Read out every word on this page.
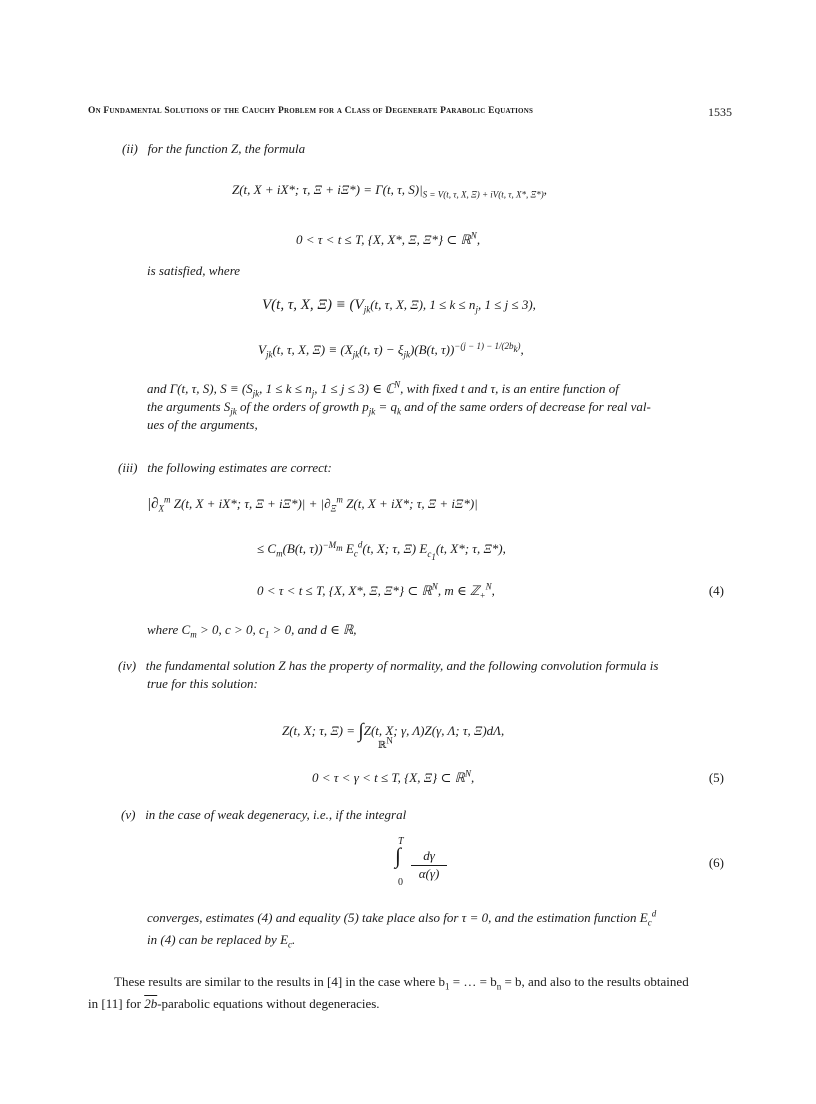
On Fundamental Solutions of the Cauchy Problem for a Class of Degenerate Parabolic Equations	1535
(ii) for the function Z, the formula
Z(t, X + iX*; τ, Ξ + iΞ*) = Γ(t, τ, $S)|_{S = V(t, \tau, X, \Xi) + iV(t, \tau, X*, \Xi*)}$,
0 < τ < t ≤ T, {X, X*, Ξ, Ξ*} ⊂ ℝ$^N$,
is satisfied, where
V(t, τ, X, $\Xi) \equiv (V_{jk}(t$, τ, X, Ξ), $1 \le k \le n_j$, 1 ≤ j ≤ 3),
$V_{jk}(t$, τ, X, $\Xi) \equiv (X_{jk}(t$, $\tau) - \xi_{jk})(B(t$, τ))$^{-(j - 1) - 1/(2b_k)}$,
and Γ(t, τ, S), $S \equiv (S_{jk}$, $1 \le k \le n_j$, 1 ≤ j ≤ 3) ∈ ℂ$^N$, with fixed t and τ, is an entire function of
the arguments $S_{jk}$ of the orders of growth $p_{jk} = q_k$ and of the same orders of decrease for real val-
ues of the arguments,
(iii) the following estimates are correct:
$|\partial_X^m$ Z(t, X + iX*; τ, $\Xi + i\Xi*)| + |\partial_\Xi^m$ Z(t, X + iX*; τ, Ξ + iΞ*)|
≤ $C_m(B(t$, τ))$^{-M_m}$ $E_c^d(t$, X; τ, Ξ) $E_{c_1}(t$, X*; τ, Ξ*),
0 < τ < t ≤ T, {X, X*, Ξ, Ξ*} ⊂ ℝ$^N$, m ∈ ℤ$_+^N$,	(4)
where $C_m > 0$, c > 0, $c_1 > 0$, and d ∈ ℝ,
(iv) the fundamental solution Z has the property of normality, and the following convolution formula is
true for this solution:
Z(t, X; τ, Ξ) = ∫Z(t, X; γ, Λ)Z(γ, Λ; τ, Ξ)dΛ,
ℝ$^N$
0 < τ < γ < t ≤ T, {X, Ξ} ⊂ ℝ$^N$,	(5)
(v) in the case of weak degeneracy, i.e., if the integral
T
∫
0
dγ
α(γ)
(6)
converges, estimates (4) and equality (5) take place also for τ = 0, and the estimation function $E_c^d$
in (4) can be replaced by $E_c$.
These results are similar to the results in [4] in the case where $b_1$ = … = $b_n = b$, and also to the results obtained
in [11] for 2b-parabolic equations without degeneracies.
